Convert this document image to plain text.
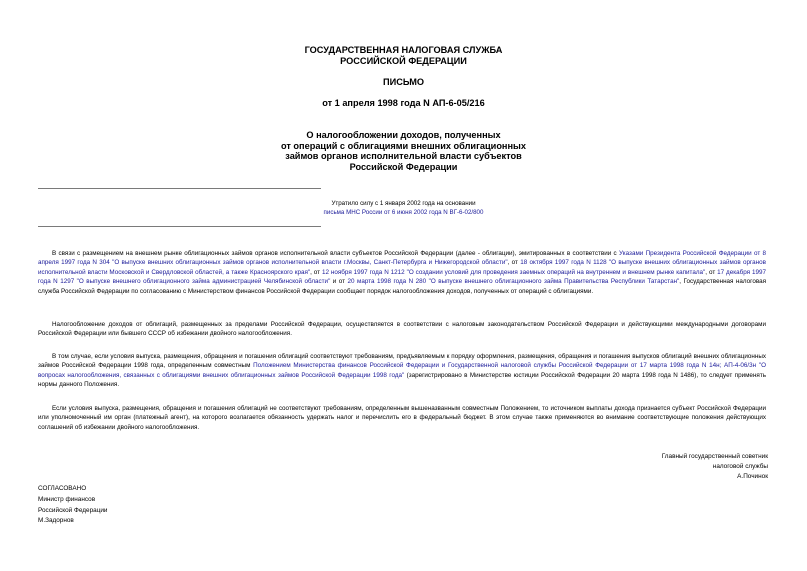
ГОСУДАРСТВЕННАЯ НАЛОГОВАЯ СЛУЖБА
РОССИЙСКОЙ ФЕДЕРАЦИИ
ПИСЬМО
от 1 апреля 1998 года N АП-6-05/216
О налогообложении доходов, полученных
от операций с облигациями внешних облигационных
займов органов исполнительной власти субъектов
Российской Федерации
Утратило силу с 1 января 2002 года на основании
письма МНС России от 6 июня 2002 года N ВГ-6-02/800

В связи с размещением на внешнем рынке облигационных займов органов исполнительной власти субъектов Российской Федерации (далее - облигации), эмитированных в соответствии с Указами Президента Российской Федерации от 8 апреля 1997 года N 304 "О выпуске внешних облигационных займов органов исполнительной власти г.Москвы, Санкт-Петербурга и Нижегородской области", от 18 октября 1997 года N 1128 "О выпуске внешних облигационных займов органов исполнительной власти Московской и Свердловской областей, а также Красноярского края", от 12 ноября 1997 года N 1212 "О создании условий для проведения заемных операций на внутреннем и внешнем рынке капитала", от 17 декабря 1997 года N 1297 "О выпуске внешнего облигационного займа администрацией Челябинской области" и от 20 марта 1998 года N 280 "О выпуске внешнего облигационного займа Правительства Республики Татарстан", Государственная налоговая служба Российской Федерации по согласованию с Министерством финансов Российской Федерации сообщает порядок налогообложения доходов, полученных от операций с облигациями.

Налогообложение доходов от облигаций, размещенных за пределами Российской Федерации, осуществляется в соответствии с налоговым законодательством Российской Федерации и действующими международными договорами Российской Федерации или бывшего СССР об избежании двойного налогообложения.

В том случае, если условия выпуска, размещения, обращения и погашения облигаций соответствуют требованиям, предъявляемым к порядку оформления, размещения, обращения и погашения выпусков облигаций внешних облигационных займов Российской Федерации 1998 года, определенным совместным Положением Министерства финансов Российской Федерации и Государственной налоговой службы Российской Федерации от 17 марта 1998 года N 14н; АП-4-06/3н "О вопросах налогообложения, связанных с облигациями внешних облигационных займов Российской Федерации 1998 года" (зарегистрировано в Министерстве юстиции Российской Федерации 20 марта 1998 года N 1486), то следует применять нормы данного Положения.

Если условия выпуска, размещения, обращения и погашения облигаций не соответствуют требованиям, определенным вышеназванным совместным Положением, то источником выплаты дохода признается субъект Российской Федерации или уполномоченный им орган (платежный агент), на которого возлагается обязанность удержать налог и перечислить его в федеральный бюджет. В этом случае также применяются во внимание соответствующие положения действующих соглашений об избежании двойного налогообложения.

Главный государственный советник
налоговой службы
А.Починок
СОГЛАСОВАНО
Министр финансов
Российской Федерации
М.Задорнов
